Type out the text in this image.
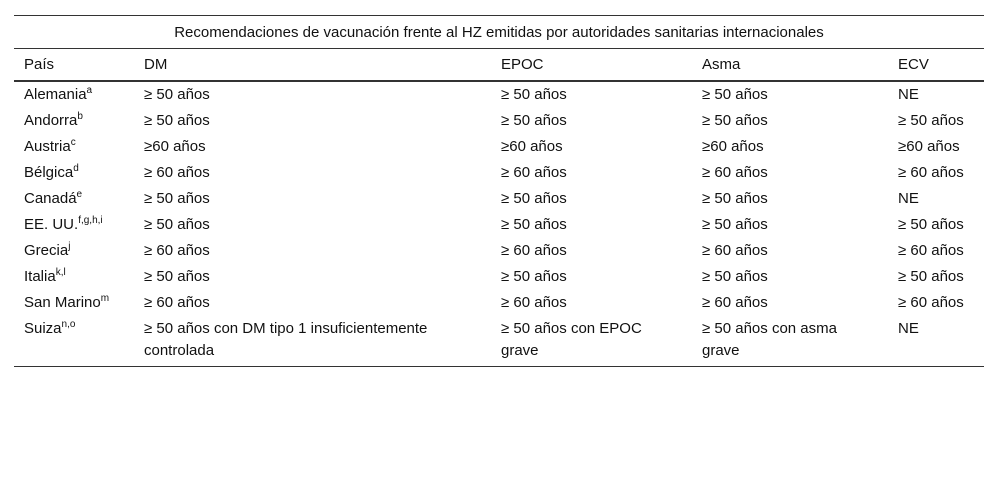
Recomendaciones de vacunación frente al HZ emitidas por autoridades sanitarias internacionales
País	DM	EPOC	Asma	ECV
Alemania$^a$	≥ 50 años	≥ 50 años	≥ 50 años	NE
Andorra$^b$	≥ 50 años	≥ 50 años	≥ 50 años	≥ 50 años
Austria$^c$	≥60 años	≥60 años	≥60 años	≥60 años
Bélgica$^d$	≥ 60 años	≥ 60 años	≥ 60 años	≥ 60 años
Canadá$^e$	≥ 50 años	≥ 50 años	≥ 50 años	NE
EE. UU.$^{f,g,h,i}$	≥ 50 años	≥ 50 años	≥ 50 años	≥ 50 años
Grecia$^j$	≥ 60 años	≥ 60 años	≥ 60 años	≥ 60 años
Italia$^{k,l}$	≥ 50 años	≥ 50 años	≥ 50 años	≥ 50 años
San Marino$^m$	≥ 60 años	≥ 60 años	≥ 60 años	≥ 60 años
Suiza$^{n,o}$	≥ 50 años con DM tipo 1 insuficientemente controlada	≥ 50 años con EPOC grave	≥ 50 años con asma grave	NE
